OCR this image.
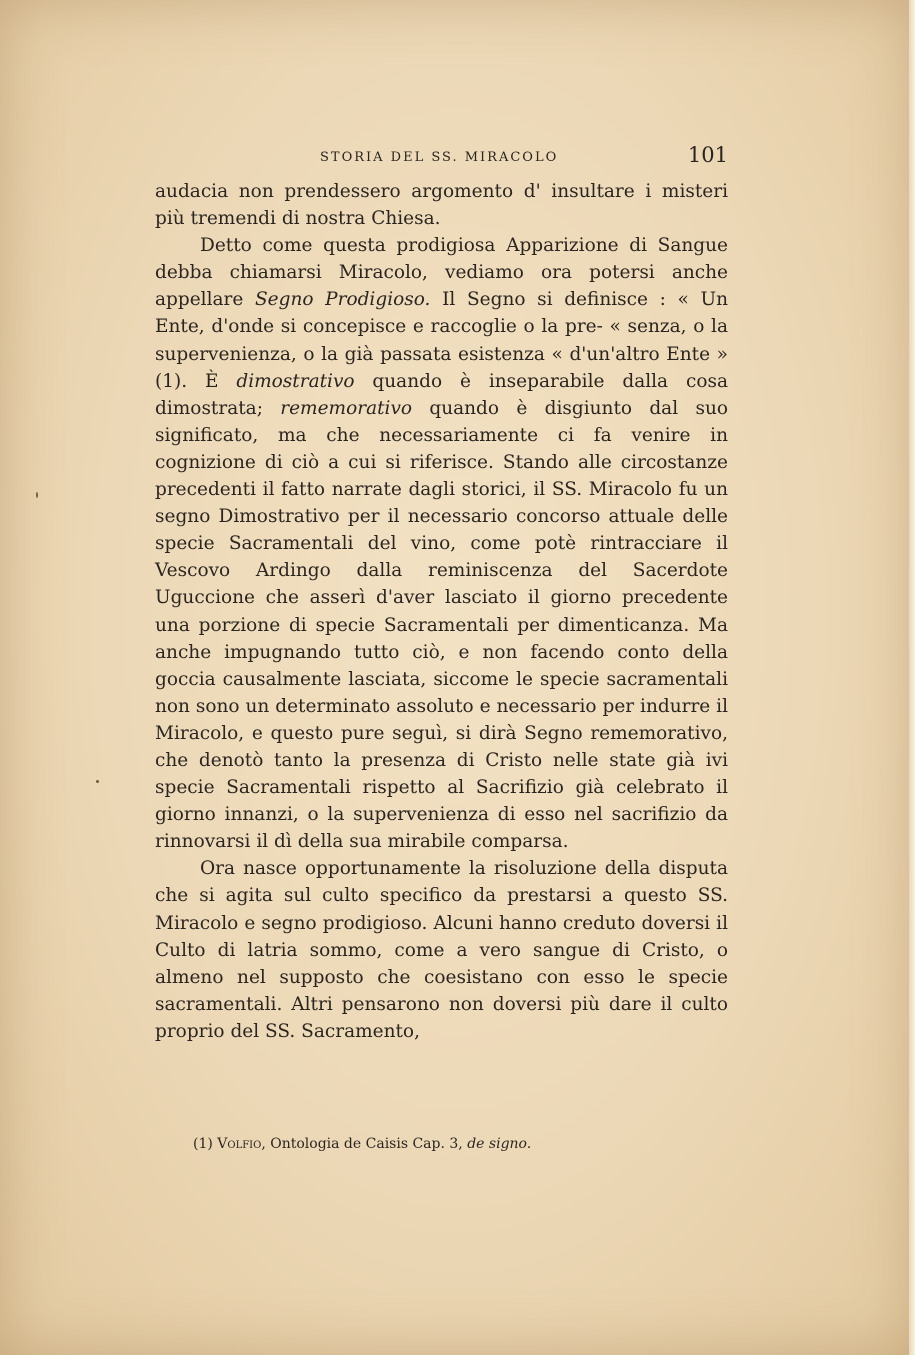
STORIA DEL SS. MIRACOLO	101

audacia non prendessero argomento d' insultare i misteri più tremendi di nostra Chiesa.

Detto come questa prodigiosa Apparizione di Sangue debba chiamarsi Miracolo, vediamo ora potersi anche appellare Segno Prodigioso. Il Segno si definisce : « Un Ente, d'onde si concepisce e raccoglie o la pre- « senza, o la supervenienza, o la già passata esistenza « d'un'altro Ente » (1). È dimostrativo quando è inseparabile dalla cosa dimostrata; rememorativo quando è disgiunto dal suo significato, ma che necessariamente ci fa venire in cognizione di ciò a cui si riferisce. Stando alle circostanze precedenti il fatto narrate dagli storici, il SS. Miracolo fu un segno Dimostrativo per il necessario concorso attuale delle specie Sacramentali del vino, come potè rintracciare il Vescovo Ardingo dalla reminiscenza del Sacerdote Uguccione che asserì d'aver lasciato il giorno precedente una porzione di specie Sacramentali per dimenticanza. Ma anche impugnando tutto ciò, e non facendo conto della goccia causalmente lasciata, siccome le specie sacramentali non sono un determinato assoluto e necessario per indurre il Miracolo, e questo pure seguì, si dirà Segno rememorativo, che denotò tanto la presenza di Cristo nelle state già ivi specie Sacramentali rispetto al Sacrifizio già celebrato il giorno innanzi, o la supervenienza di esso nel sacrifizio da rinnovarsi il dì della sua mirabile comparsa.

Ora nasce opportunamente la risoluzione della disputa che si agita sul culto specifico da prestarsi a questo SS. Miracolo e segno prodigioso. Alcuni hanno creduto doversi il Culto di latria sommo, come a vero sangue di Cristo, o almeno nel supposto che coesistano con esso le specie sacramentali. Altri pensarono non doversi più dare il culto proprio del SS. Sacramento,

(1) Volfio, Ontologia de Caisis Cap. 3, de signo.
